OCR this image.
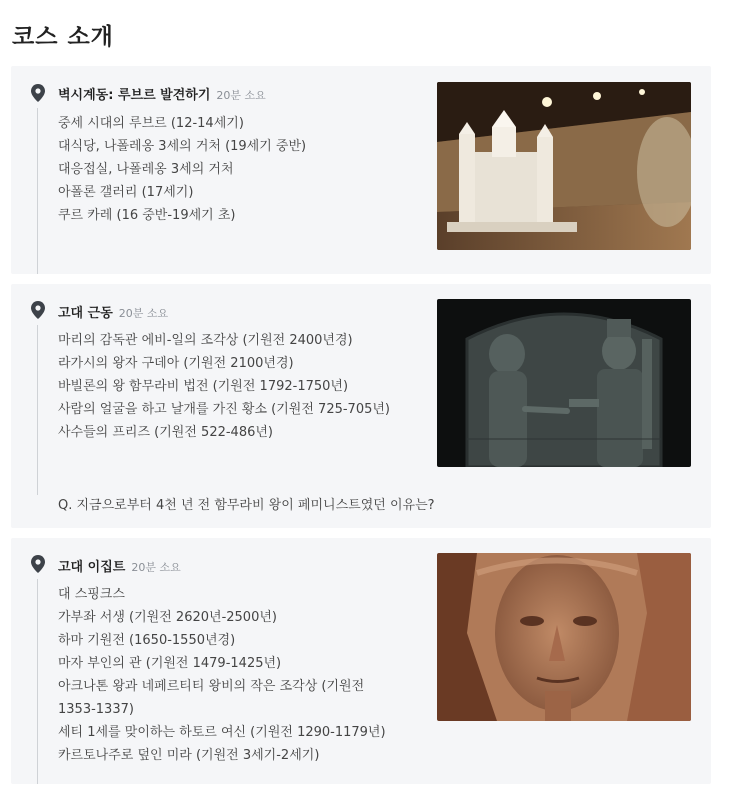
코스 소개
벽시계동: 루브르 발견하기 20분 소요
중세 시대의 루브르 (12-14세기)
대식당, 나폴레옹 3세의 거처 (19세기 중반)
대응접실, 나폴레옹 3세의 거처
아폴론 갤러리 (17세기)
쿠르 카레 (16 중반-19세기 초)
고대 근동 20분 소요
마리의 감독관 에비-일의 조각상 (기원전 2400년경)
라가시의 왕자 구데아 (기원전 2100년경)
바빌론의 왕 함무라비 법전 (기원전 1792-1750년)
사람의 얼굴을 하고 날개를 가진 황소 (기원전 725-705년)
사수들의 프리즈 (기원전 522-486년)
Q. 지금으로부터 4천 년 전 함무라비 왕이 페미니스트였던 이유는?
고대 이집트 20분 소요
대 스핑크스
가부좌 서생 (기원전 2620년-2500년)
하마 기원전 (1650-1550년경)
마자 부인의 관 (기원전 1479-1425년)
아크나톤 왕과 네페르티티 왕비의 작은 조각상 (기원전
1353-1337)
세티 1세를 맞이하는 하토르 여신 (기원전 1290-1179년)
카르토나주로 덮인 미라 (기원전 3세기-2세기)
